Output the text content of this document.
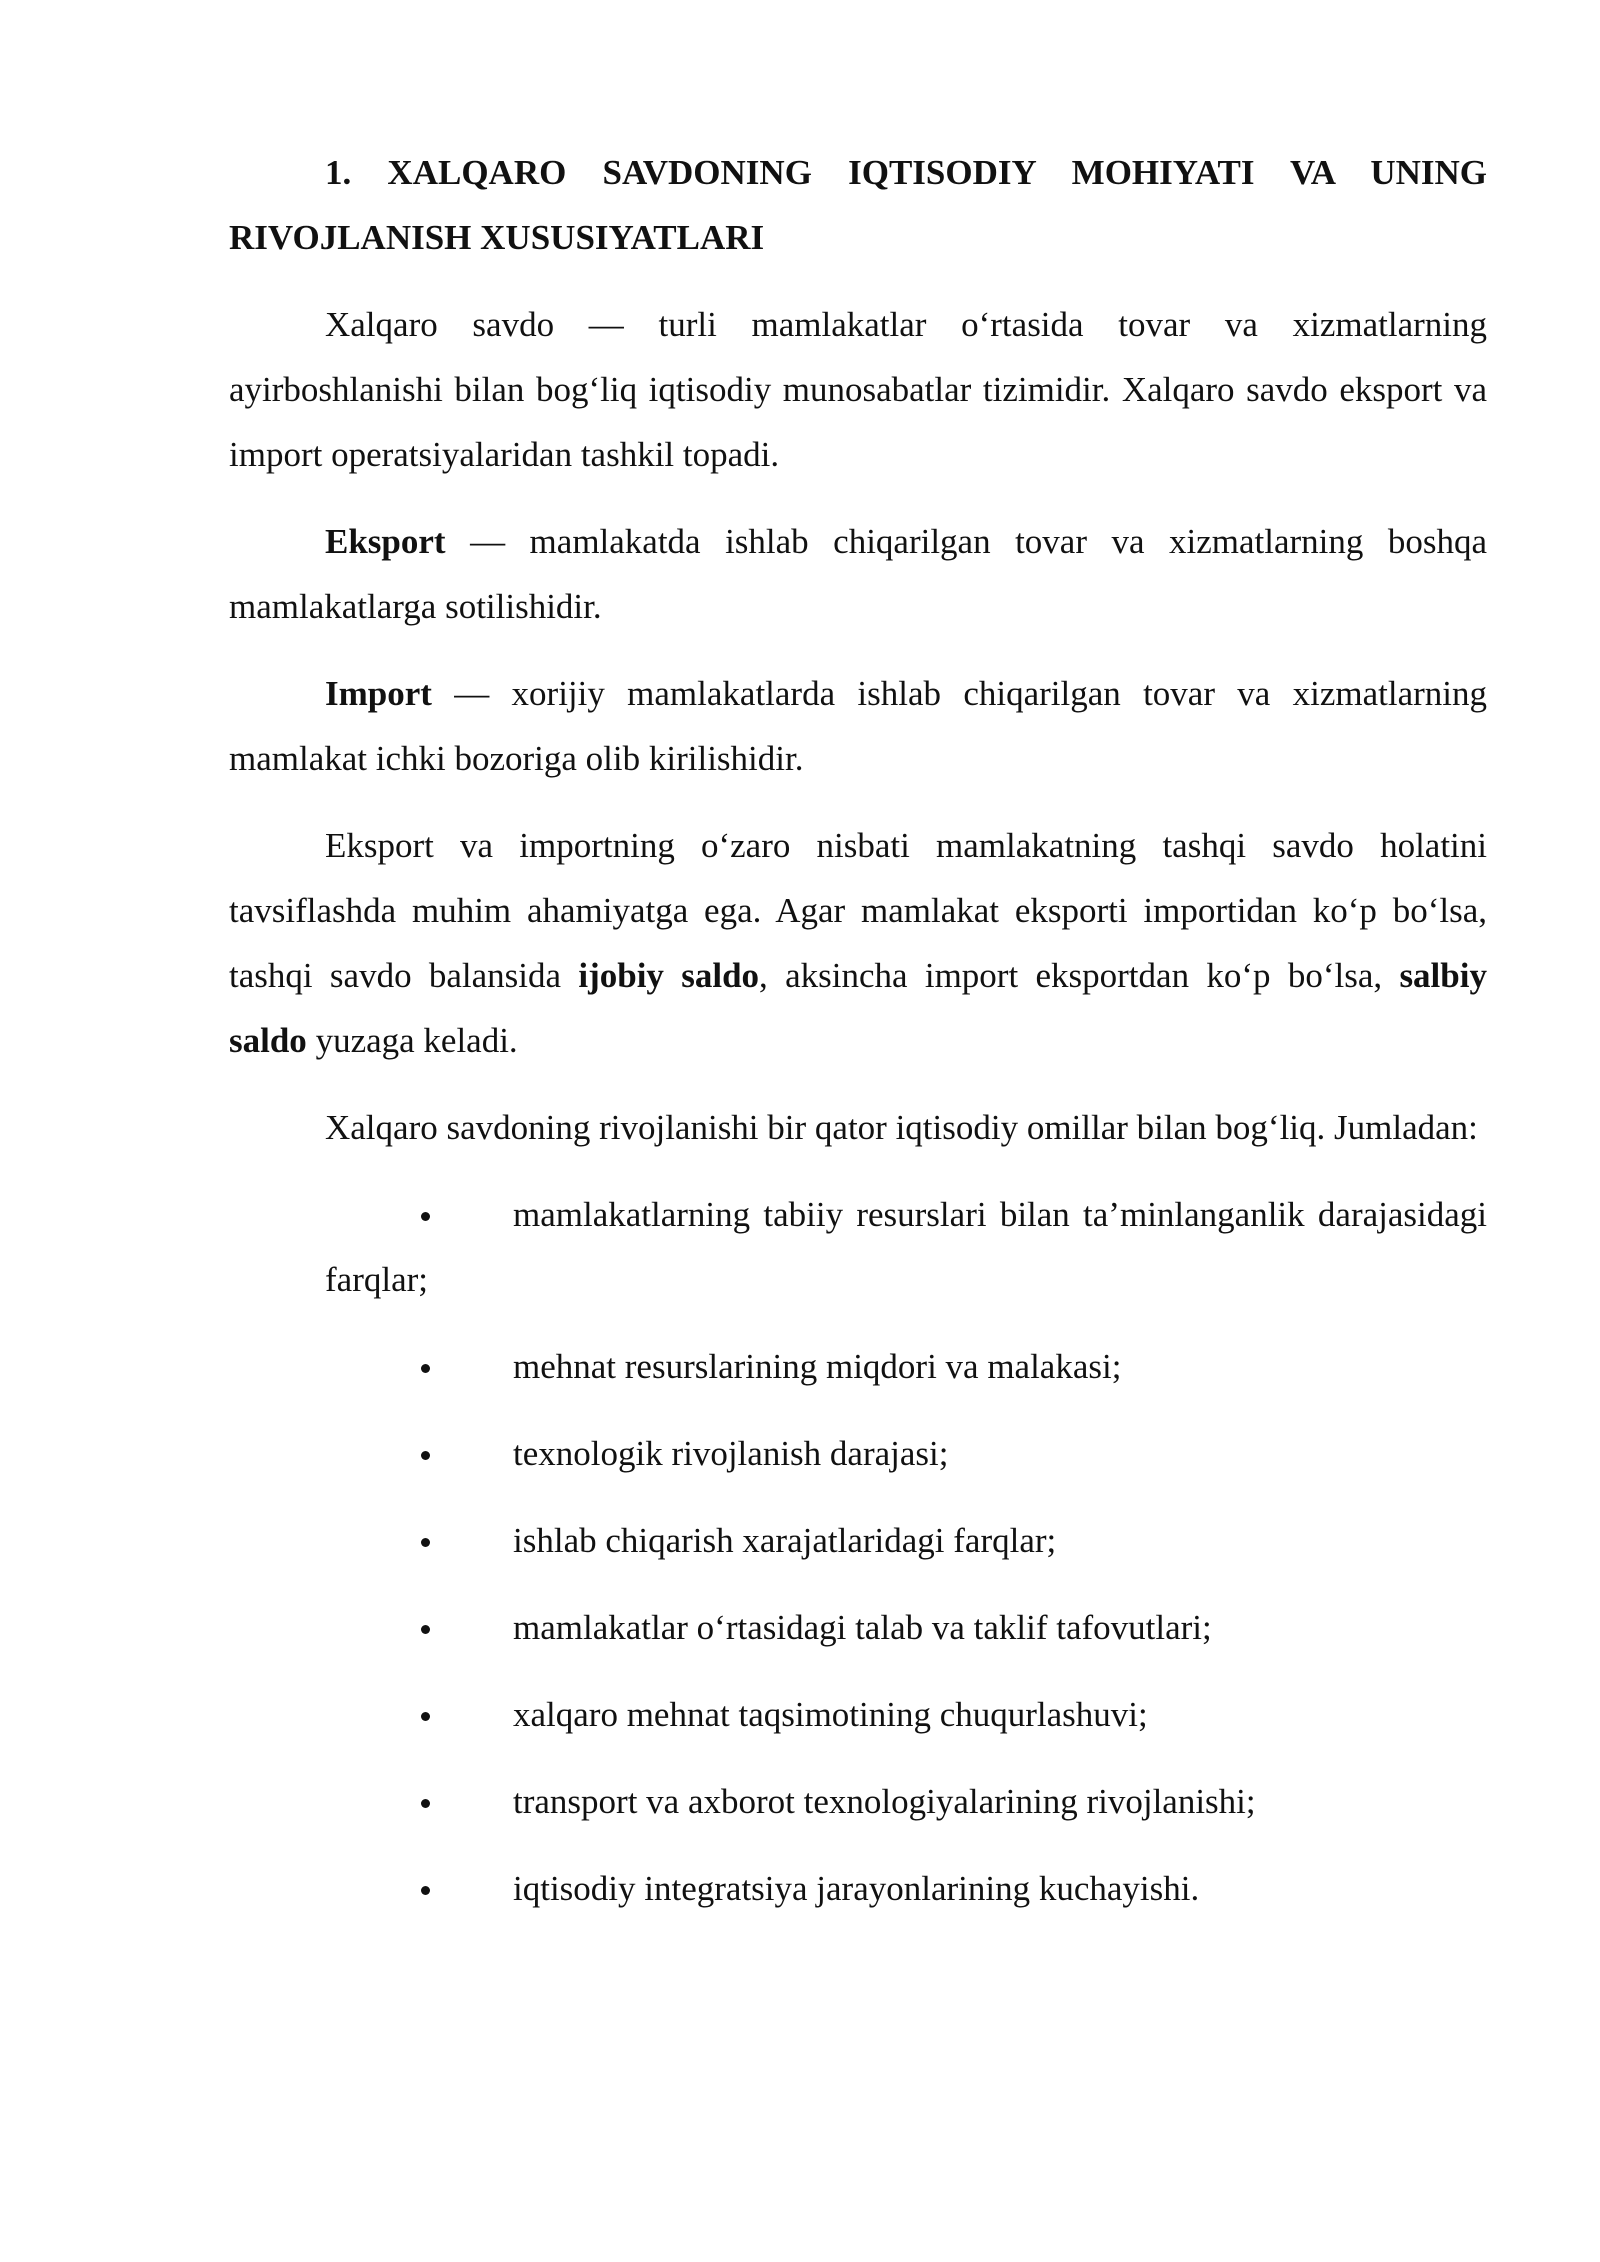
1. XALQARO SAVDONING IQTISODIY MOHIYATI VA UNING RIVOJLANISH XUSUSIYATLARI

Xalqaro savdo — turli mamlakatlar o‘rtasida tovar va xizmatlarning ayirboshlanishi bilan bog‘liq iqtisodiy munosabatlar tizimidir. Xalqaro savdo eksport va import operatsiyalaridan tashkil topadi.

Eksport — mamlakatda ishlab chiqarilgan tovar va xizmatlarning boshqa mamlakatlarga sotilishidir.

Import — xorijiy mamlakatlarda ishlab chiqarilgan tovar va xizmatlarning mamlakat ichki bozoriga olib kirilishidir.

Eksport va importning o‘zaro nisbati mamlakatning tashqi savdo holatini tavsiflashda muhim ahamiyatga ega. Agar mamlakat eksporti importidan ko‘p bo‘lsa, tashqi savdo balansida ijobiy saldo, aksincha import eksportdan ko‘p bo‘lsa, salbiy saldo yuzaga keladi.

Xalqaro savdoning rivojlanishi bir qator iqtisodiy omillar bilan bog‘liq. Jumladan:

mamlakatlarning tabiiy resurslari bilan ta’minlanganlik darajasidagi farqlar;
mehnat resurslarining miqdori va malakasi;
texnologik rivojlanish darajasi;
ishlab chiqarish xarajatlaridagi farqlar;
mamlakatlar o‘rtasidagi talab va taklif tafovutlari;
xalqaro mehnat taqsimotining chuqurlashuvi;
transport va axborot texnologiyalarining rivojlanishi;
iqtisodiy integratsiya jarayonlarining kuchayishi.
